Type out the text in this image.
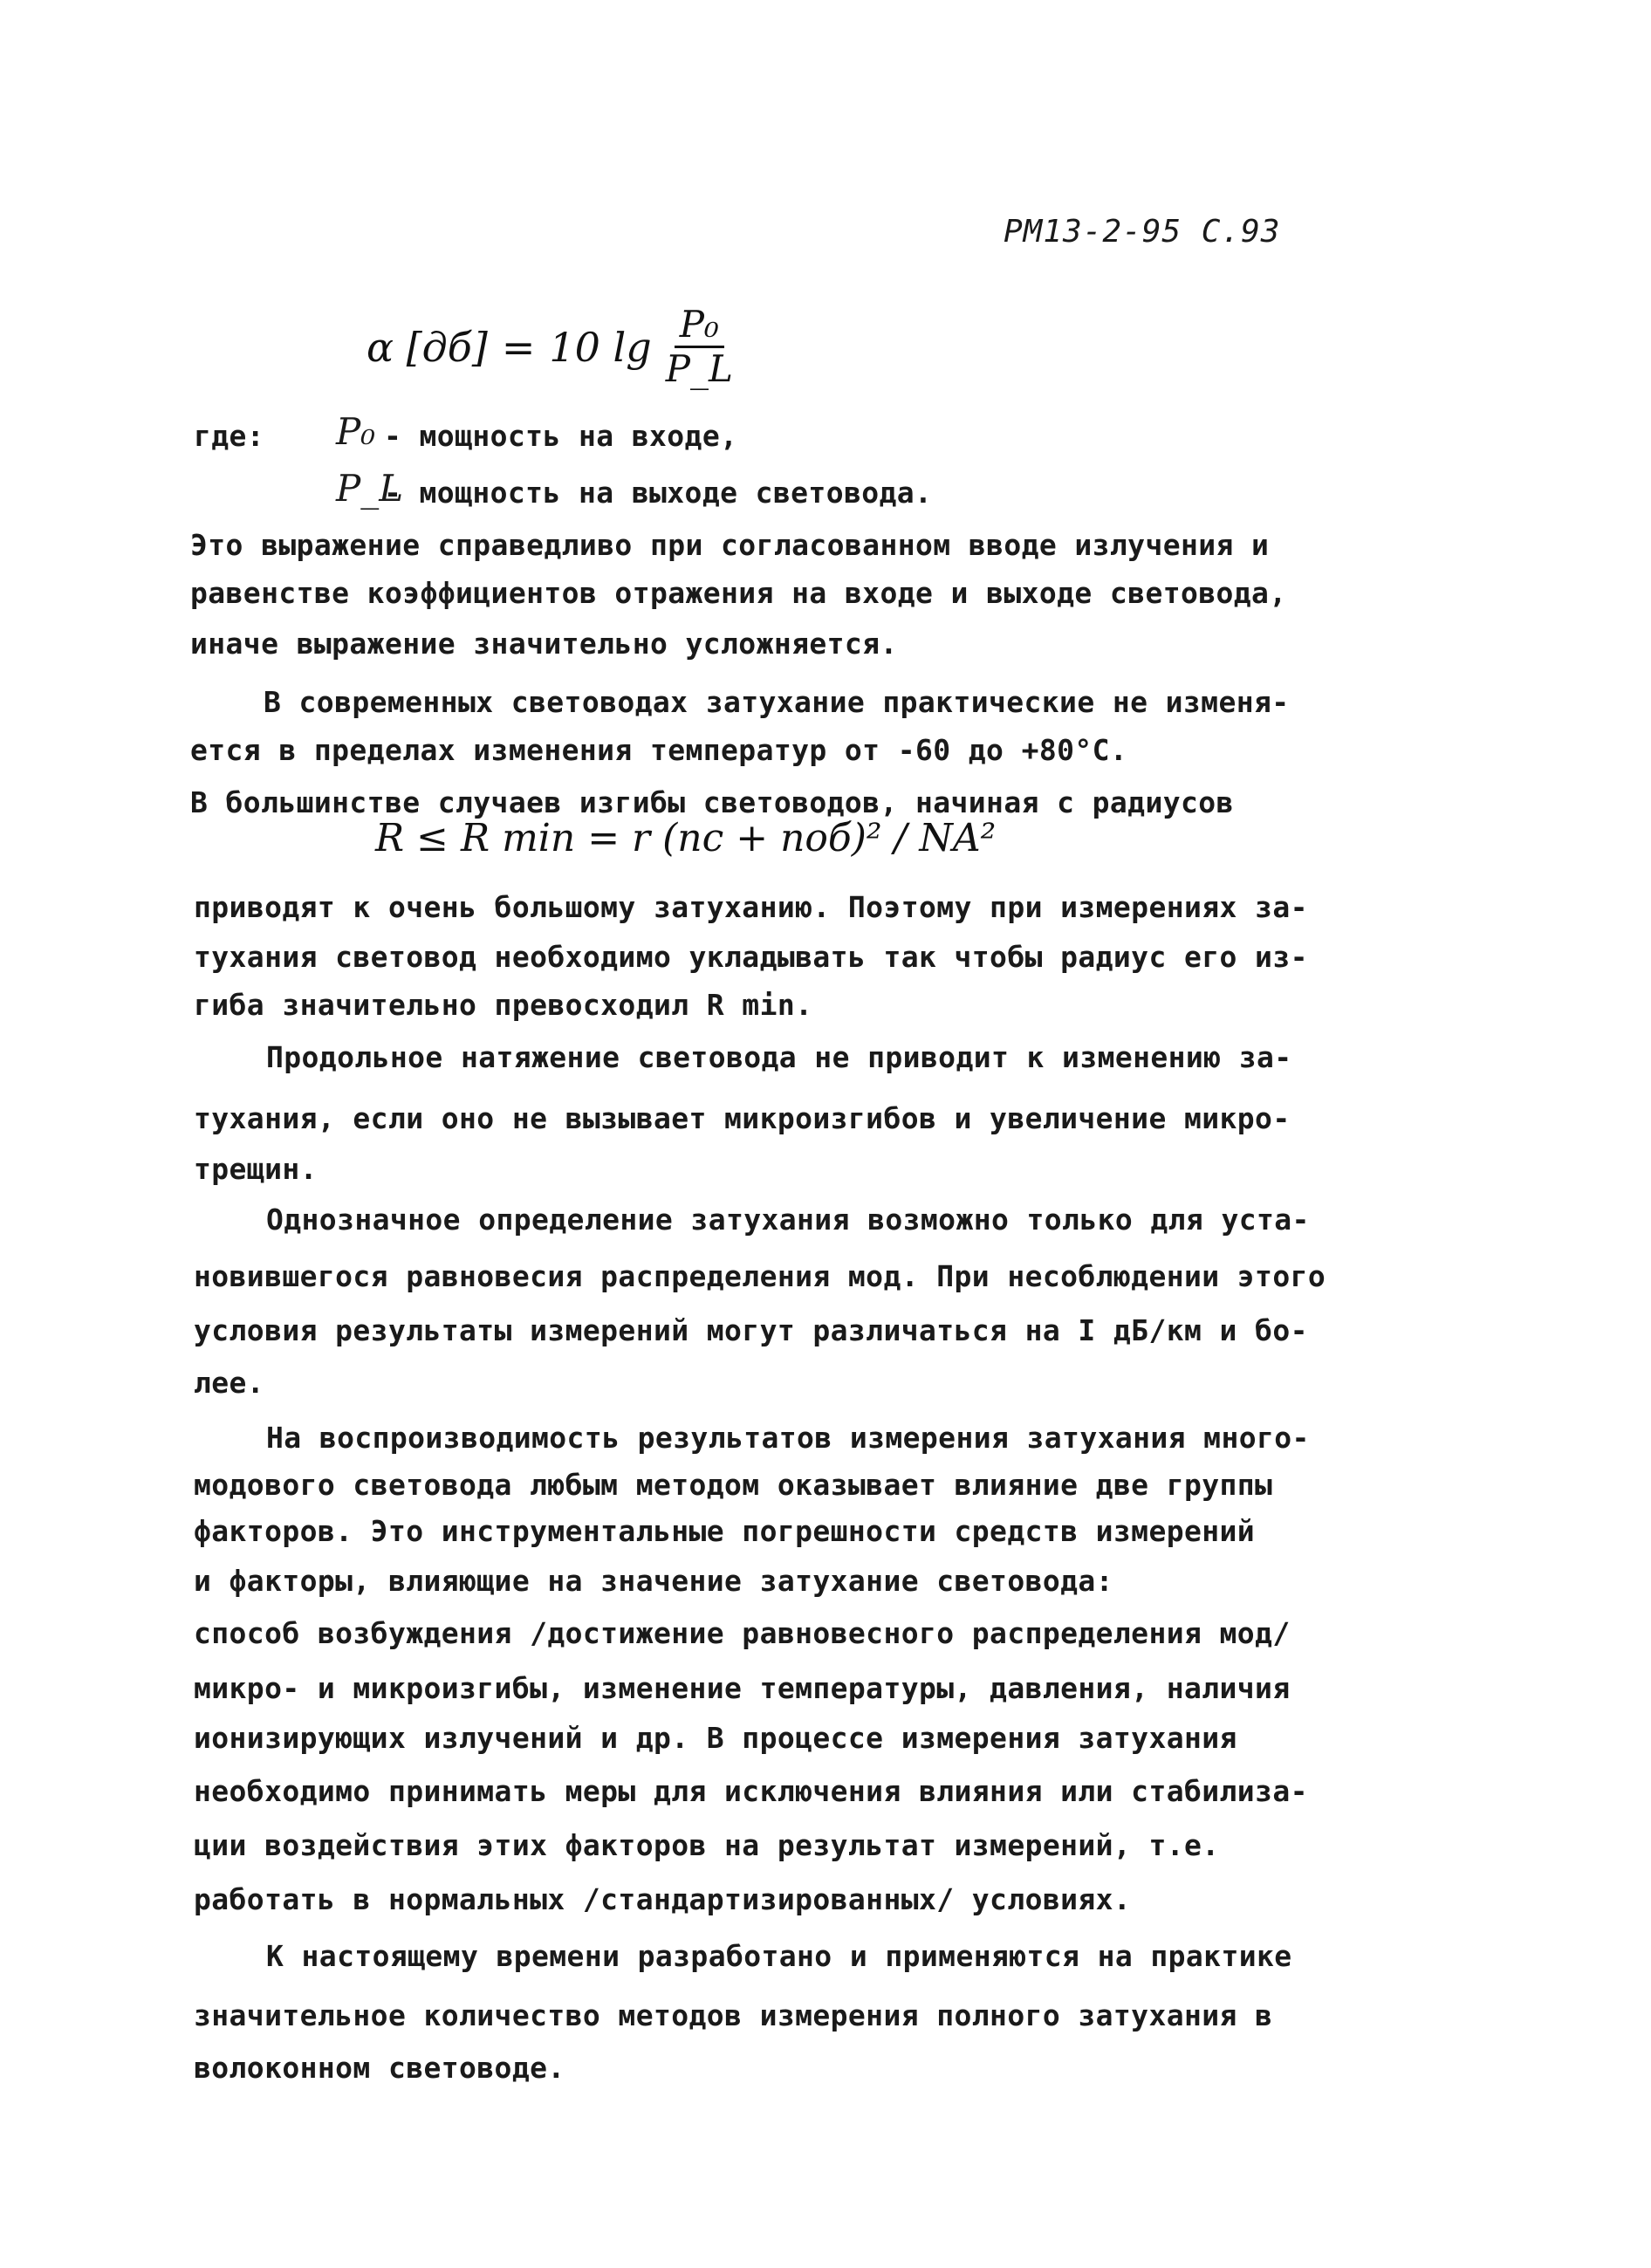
РМ13-2-95 С.93
α [дб] = 10 $\lg \frac{\text{P₀}}{P\_L}$
где: P₀ - мощность на входе,
P_L
- мощность на выходе световода.
Это выражение справедливо при согласованном вводе излучения и
равенстве коэффициентов отражения на входе и выходе световода,
иначе выражение значительно усложняется.
В современных световодах затухание практические не изменя-
ется в пределах изменения температур от -60 до +80°С.
В большинстве случаев изгибы световодов, начиная с радиусов
R ≤ R min = r (nc + nоб)² / NA²
приводят к очень большому затуханию. Поэтому при измерениях за-
тухания световод необходимо укладывать так чтобы радиус его из-
гиба значительно превосходил R min.
Продольное натяжение световода не приводит к изменению за-
тухания, если оно не вызывает микроизгибов и увеличение микро-
трещин.
Однозначное определение затухания возможно только для уста-
новившегося равновесия распределения мод. При несоблюдении этого
условия результаты измерений могут различаться на I дБ/км и бо-
лее.
На воспроизводимость результатов измерения затухания много-
модового световода любым методом оказывает влияние две группы
факторов. Это инструментальные погрешности средств измерений
и факторы, влияющие на значение затухание световода:
способ возбуждения /достижение равновесного распределения мод/
микро- и микроизгибы, изменение температуры, давления, наличия
ионизирующих излучений и др. В процессе измерения затухания
необходимо принимать меры для исключения влияния или стабилиза-
ции воздействия этих факторов на результат измерений, т.е.
работать в нормальных /стандартизированных/ условиях.
К настоящему времени разработано и применяются на практике
значительное количество методов измерения полного затухания в
волоконном световоде.
